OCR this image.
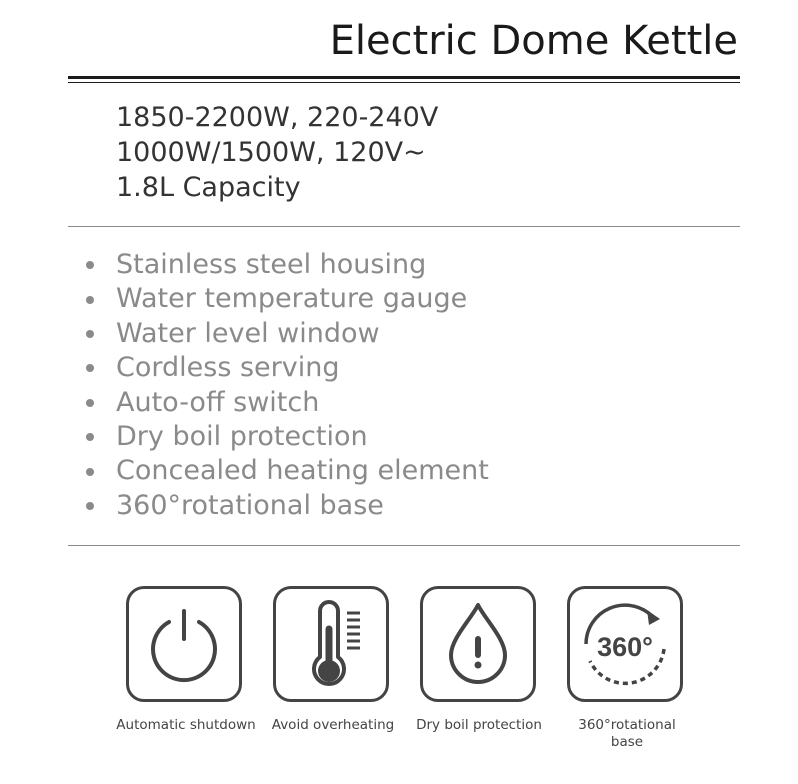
Electric Dome Kettle
1850-2200W, 220-240V
1000W/1500W, 120V~
1.8L Capacity
Stainless steel housing
Water temperature gauge
Water level window
Cordless serving
Auto-off switch
Dry boil protection
Concealed heating element
360°rotational base
Automatic shutdown	Avoid overheating	Dry boil protection
360°
360°rotational
base
